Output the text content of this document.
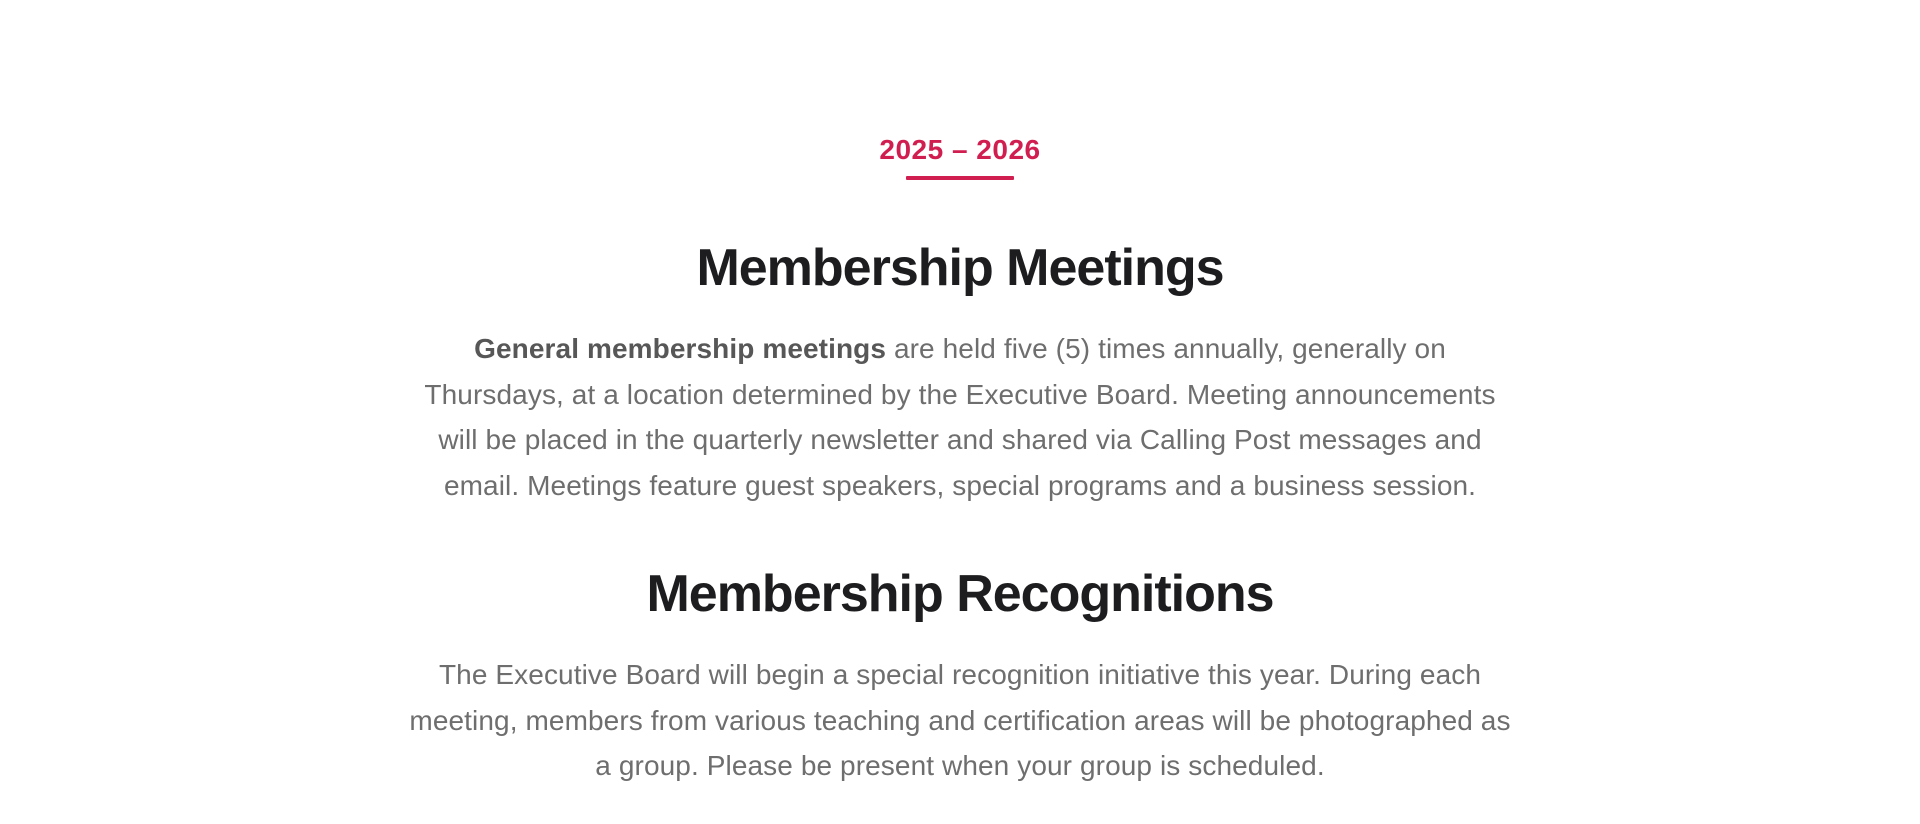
2025 – 2026
Membership Meetings

General membership meetings are held five (5) times annually, generally on Thursdays, at a location determined by the Executive Board. Meeting announcements will be placed in the quarterly newsletter and shared via Calling Post messages and email. Meetings feature guest speakers, special programs and a business session.

Membership Recognitions

The Executive Board will begin a special recognition initiative this year. During each meeting, members from various teaching and certification areas will be photographed as a group. Please be present when your group is scheduled.
